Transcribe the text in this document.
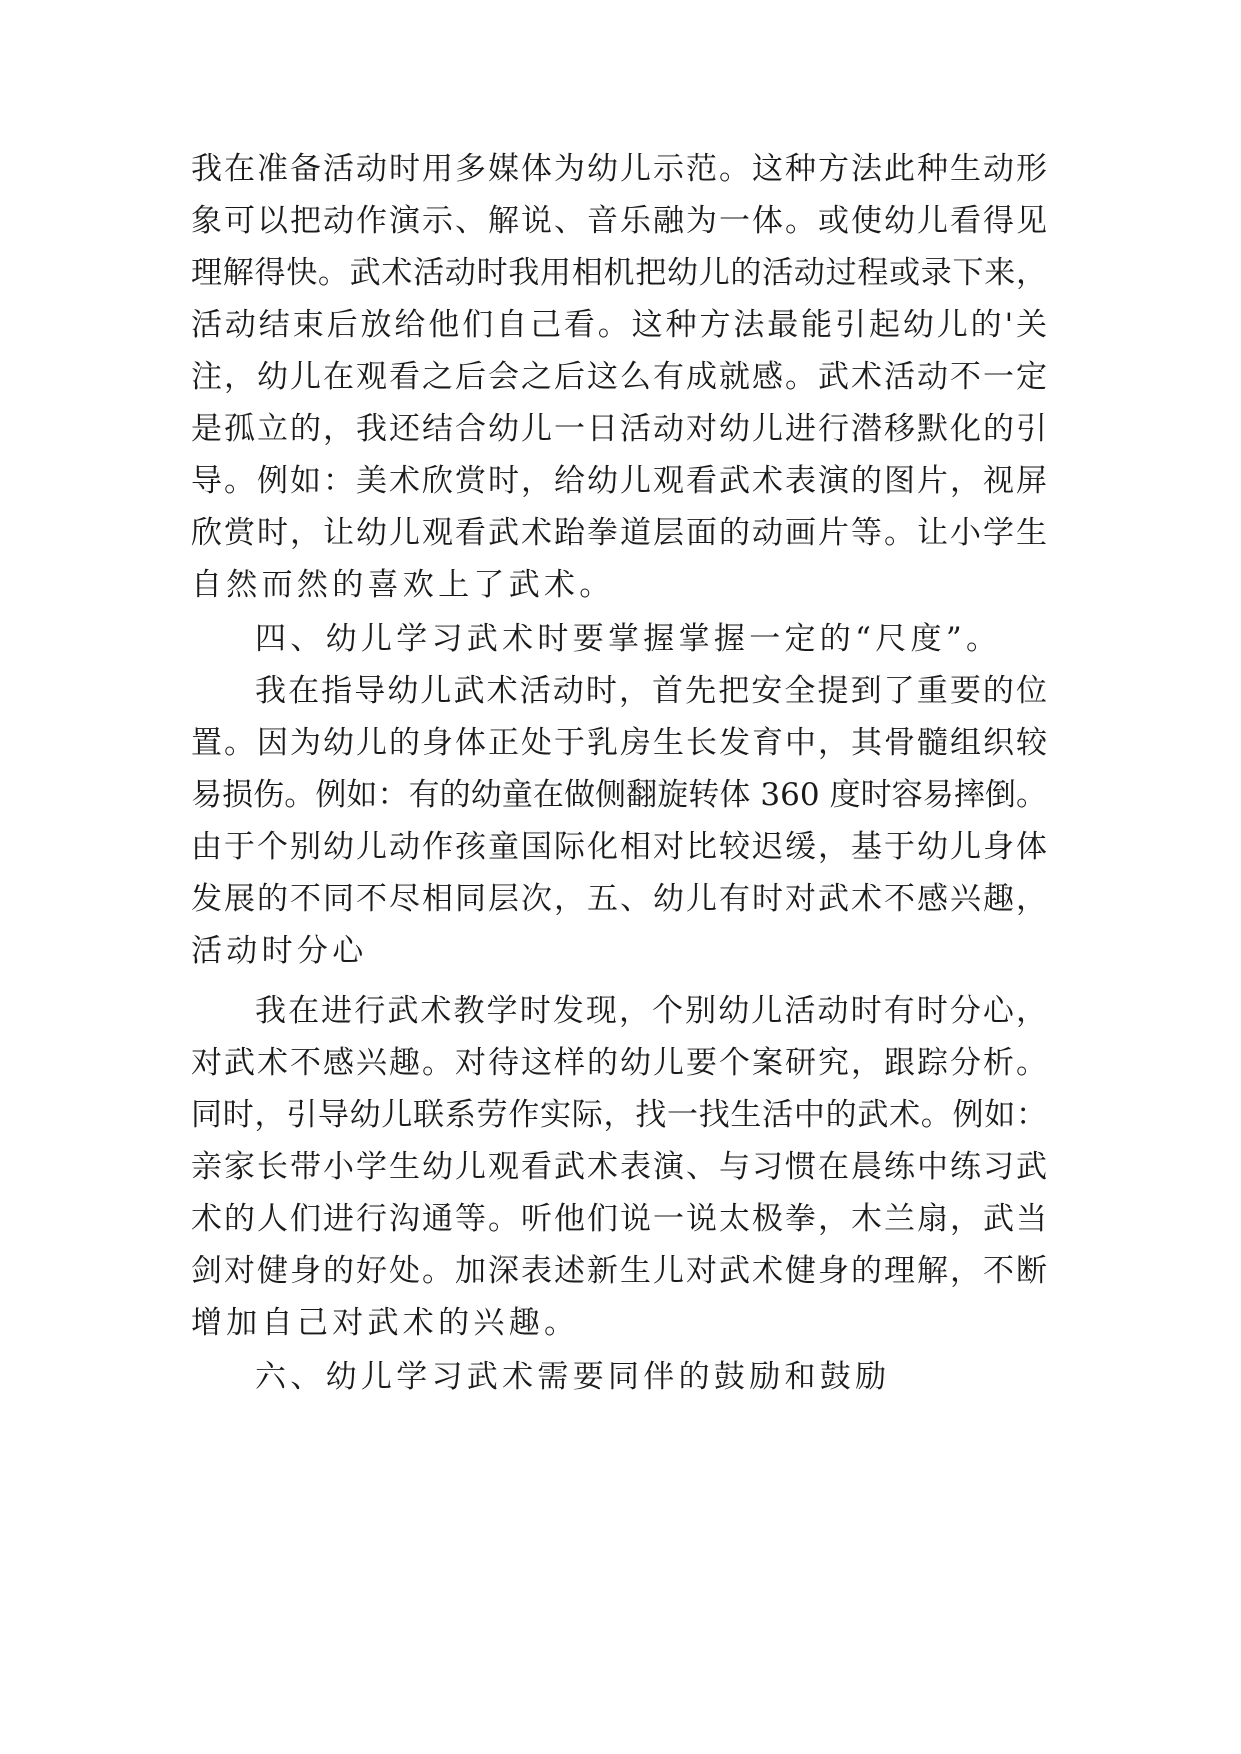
我在准备活动时用多媒体为幼儿示范。这种方法此种生动形
象可以把动作演示、解说、音乐融为一体。或使幼儿看得见
理解得快。武术活动时我用相机把幼儿的活动过程或录下来，
活动结束后放给他们自己看。这种方法最能引起幼儿的'关
注，幼儿在观看之后会之后这么有成就感。武术活动不一定
是孤立的，我还结合幼儿一日活动对幼儿进行潜移默化的引
导。例如：美术欣赏时，给幼儿观看武术表演的图片，视屏
欣赏时，让幼儿观看武术跆拳道层面的动画片等。让小学生
自然而然的喜欢上了武术。
四、幼儿学习武术时要掌握掌握一定的“尺度”。
我在指导幼儿武术活动时，首先把安全提到了重要的位
置。因为幼儿的身体正处于乳房生长发育中，其骨髓组织较
易损伤。例如：有的幼童在做侧翻旋转体 360 度时容易摔倒。
由于个别幼儿动作孩童国际化相对比较迟缓，基于幼儿身体
发展的不同不尽相同层次，五、幼儿有时对武术不感兴趣，
活动时分心
我在进行武术教学时发现，个别幼儿活动时有时分心，
对武术不感兴趣。对待这样的幼儿要个案研究，跟踪分析。
同时，引导幼儿联系劳作实际，找一找生活中的武术。例如：
亲家长带小学生幼儿观看武术表演、与习惯在晨练中练习武
术的人们进行沟通等。听他们说一说太极拳，木兰扇，武当
剑对健身的好处。加深表述新生儿对武术健身的理解，不断
增加自己对武术的兴趣。
六、幼儿学习武术需要同伴的鼓励和鼓励
